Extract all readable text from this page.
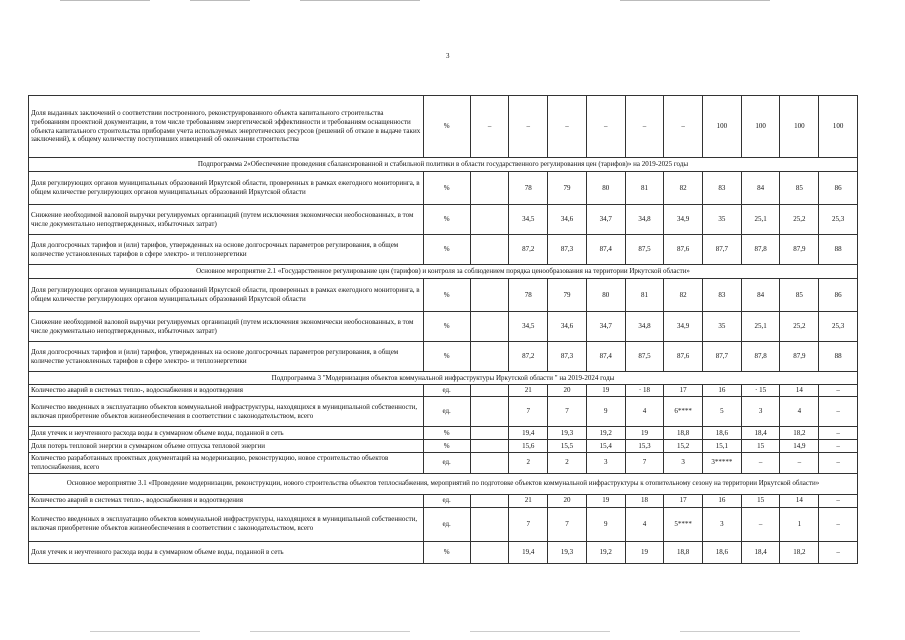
3
Доля выданных заключений о соответствии построенного, реконструированного объекта капитального строительства требованиям проектной документации, в том числе требованиям энергетической эффективности и требованиям оснащенности объекта капитального строительства приборами учета используемых энергетических ресурсов (решений об отказе в выдаче таких заключений), к общему количеству поступивших извещений об окончании строительства	%	–	–	–	–	–	–	100	100	100	100
Подпрограмма 2«Обеспечение проведения сбалансированной и стабильной политики в области государственного регулирования цен (тарифов)» на 2019-2025 годы											
Доля регулирующих органов муниципальных образований Иркутской области, проверенных в рамках ежегодного мониторинга, в общем количестве регулирующих органов муниципальных образований Иркутской области	%		78	79	80	81	82	83	84	85	86
Снижение необходимой валовой выручки регулируемых организаций (путем исключения экономически необоснованных, в том числе документально неподтвержденных, избыточных затрат)	%		34,5	34,6	34,7	34,8	34,9	35	25,1	25,2	25,3
Доля долгосрочных тарифов и (или) тарифов, утвержденных на основе долгосрочных параметров регулирования, в общем количестве установленных тарифов в сфере электро- и теплоэнергетики	%		87,2	87,3	87,4	87,5	87,6	87,7	87,8	87,9	88
Основное мероприятие 2.1 «Государственное регулирование цен (тарифов) и контроля за соблюдением порядка ценообразования на территории Иркутской области»											
Доля регулирующих органов муниципальных образований Иркутской области, проверенных в рамках ежегодного мониторинга, в общем количестве регулирующих органов муниципальных образований Иркутской области	%		78	79	80	81	82	83	84	85	86
Снижение необходимой валовой выручки регулируемых организаций (путем исключения экономически необоснованных, в том числе документально неподтвержденных, избыточных затрат)	%		34,5	34,6	34,7	34,8	34,9	35	25,1	25,2	25,3
Доля долгосрочных тарифов и (или) тарифов, утвержденных на основе долгосрочных параметров регулирования, в общем количестве установленных тарифов в сфере электро- и теплоэнергетики	%		87,2	87,3	87,4	87,5	87,6	87,7	87,8	87,9	88
Подпрограмма 3 "Модернизация объектов коммунальной инфраструктуры Иркутской области " на 2019-2024 годы											
Количество аварий в системах тепло-, водоснабжения и водоотведения	ед.		21	20	19	· 18	17	16	· 15	14	–
Количество введенных в эксплуатацию объектов коммунальной инфраструктуры, находящихся в муниципальной собственности, включая приобретение объектов жизнеобеспечения в соответствии с законодательством, всего	ед.		7	7	9	4	6****	5	3	4	–
Доля утечек и неучтенного расхода воды в суммарном объеме воды, поданной в сеть	%		19,4	19,3	19,2	19	18,8	18,6	18,4	18,2	–
Доля потерь тепловой энергии в суммарном объеме отпуска тепловой энергии	%		15,6	15,5	15,4	15,3	15,2	15,1	15	14,9	–
Количество разработанных проектных документаций на модернизацию, реконструкцию, новое строительство объектов теплоснабжения, всего	ед.		2	2	3	7	3	3*****	–	–	–
Основное мероприятие 3.1 «Проведение модернизации, реконструкции, нового строительства объектов теплоснабжения, мероприятий по подготовке объектов коммунальной инфраструктуры к отопительному сезону на территории Иркутской области»											
Количество аварий в системах тепло-, водоснабжения и водоотведения	ед.		21	20	19	18	17	16	15	14	–
Количество введенных в эксплуатацию объектов коммунальной инфраструктуры, находящихся в муниципальной собственности, включая приобретение объектов жизнеобеспечения в соответствии с законодательством, всего	ед.		7	7	9	4	5****	3	–	1	–
Доля утечек и неучтенного расхода воды в суммарном объеме воды, поданной в сеть	%		19,4	19,3	19,2	19	18,8	18,6	18,4	18,2	–
